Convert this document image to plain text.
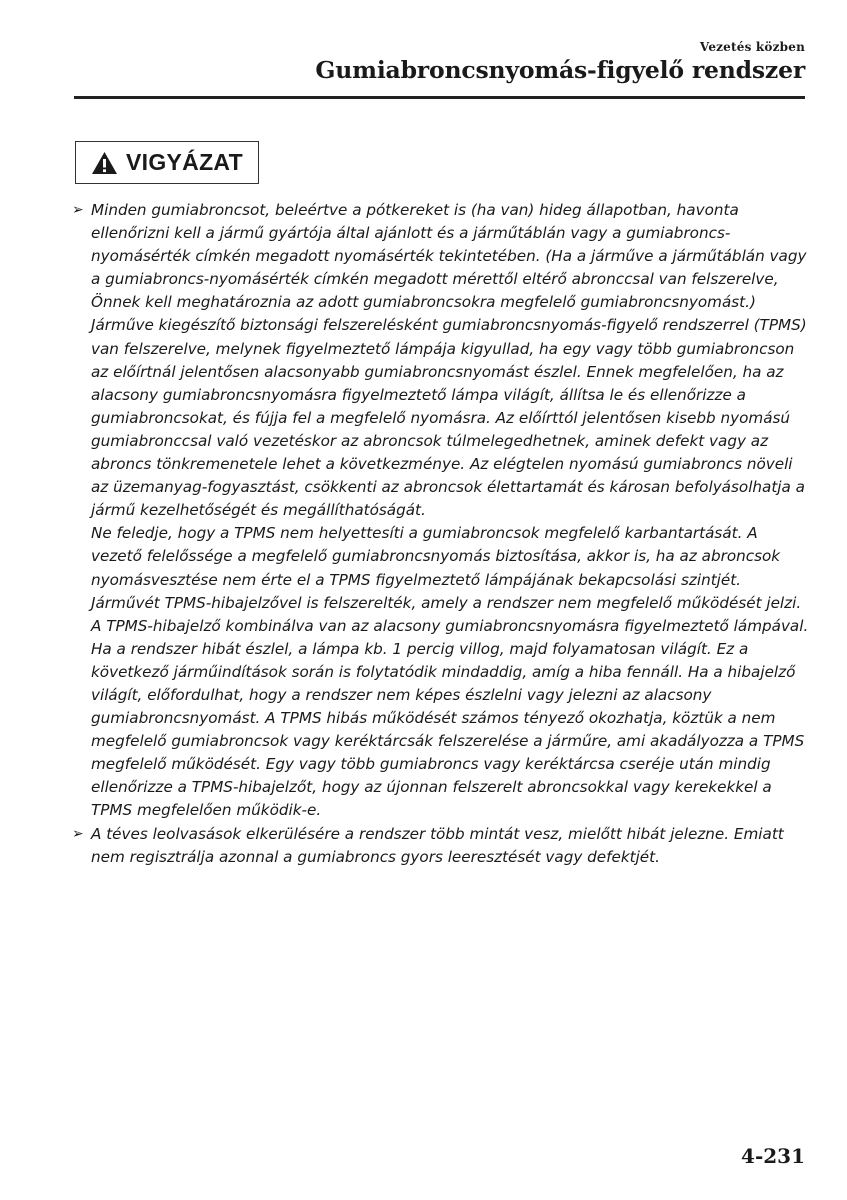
Vezetés közben
Gumiabroncsnyomás-figyelő rendszer
VIGYÁZAT
➢ Minden gumiabroncsot, beleértve a pótkereket is (ha van) hideg állapotban, havonta ellenőrizni kell a jármű gyártója által ajánlott és a járműtáblán vagy a gumiabroncs-nyomásérték címkén megadott nyomásérték tekintetében. (Ha a járműve a járműtáblán vagy a gumiabroncs-nyomásérték címkén megadott mérettől eltérő abronccsal van felszerelve, Önnek kell meghatároznia az adott gumiabroncsokra megfelelő gumiabroncsnyomást.)

Járműve kiegészítő biztonsági felszerelésként gumiabroncsnyomás-figyelő rendszerrel (TPMS) van felszerelve, melynek figyelmeztető lámpája kigyullad, ha egy vagy több gumiabroncson az előírtnál jelentősen alacsonyabb gumiabroncsnyomást észlel. Ennek megfelelően, ha az alacsony gumiabroncsnyomásra figyelmeztető lámpa világít, állítsa le és ellenőrizze a gumiabroncsokat, és fújja fel a megfelelő nyomásra. Az előírttól jelentősen kisebb nyomású gumiabronccsal való vezetéskor az abroncsok túlmelegedhetnek, aminek defekt vagy az abroncs tönkremenetele lehet a következménye. Az elégtelen nyomású gumiabroncs növeli az üzemanyag-fogyasztást, csökkenti az abroncsok élettartamát és károsan befolyásolhatja a jármű kezelhetőségét és megállíthatóságát.

Ne feledje, hogy a TPMS nem helyettesíti a gumiabroncsok megfelelő karbantartását. A vezető felelőssége a megfelelő gumiabroncsnyomás biztosítása, akkor is, ha az abroncsok nyomásvesztése nem érte el a TPMS figyelmeztető lámpájának bekapcsolási szintjét.

Járművét TPMS-hibajelzővel is felszerelték, amely a rendszer nem megfelelő működését jelzi.

A TPMS-hibajelző kombinálva van az alacsony gumiabroncsnyomásra figyelmeztető lámpával. Ha a rendszer hibát észlel, a lámpa kb. 1 percig villog, majd folyamatosan világít. Ez a következő járműindítások során is folytatódik mindaddig, amíg a hiba fennáll. Ha a hibajelző világít, előfordulhat, hogy a rendszer nem képes észlelni vagy jelezni az alacsony gumiabroncsnyomást. A TPMS hibás működését számos tényező okozhatja, köztük a nem megfelelő gumiabroncsok vagy keréktárcsák felszerelése a járműre, ami akadályozza a TPMS megfelelő működését. Egy vagy több gumiabroncs vagy keréktárcsa cseréje után mindig ellenőrizze a TPMS-hibajelzőt, hogy az újonnan felszerelt abroncsokkal vagy kerekekkel a TPMS megfelelően működik-e.

➢ A téves leolvasások elkerülésére a rendszer több mintát vesz, mielőtt hibát jelezne. Emiatt nem regisztrálja azonnal a gumiabroncs gyors leeresztését vagy defektjét.

4-231
